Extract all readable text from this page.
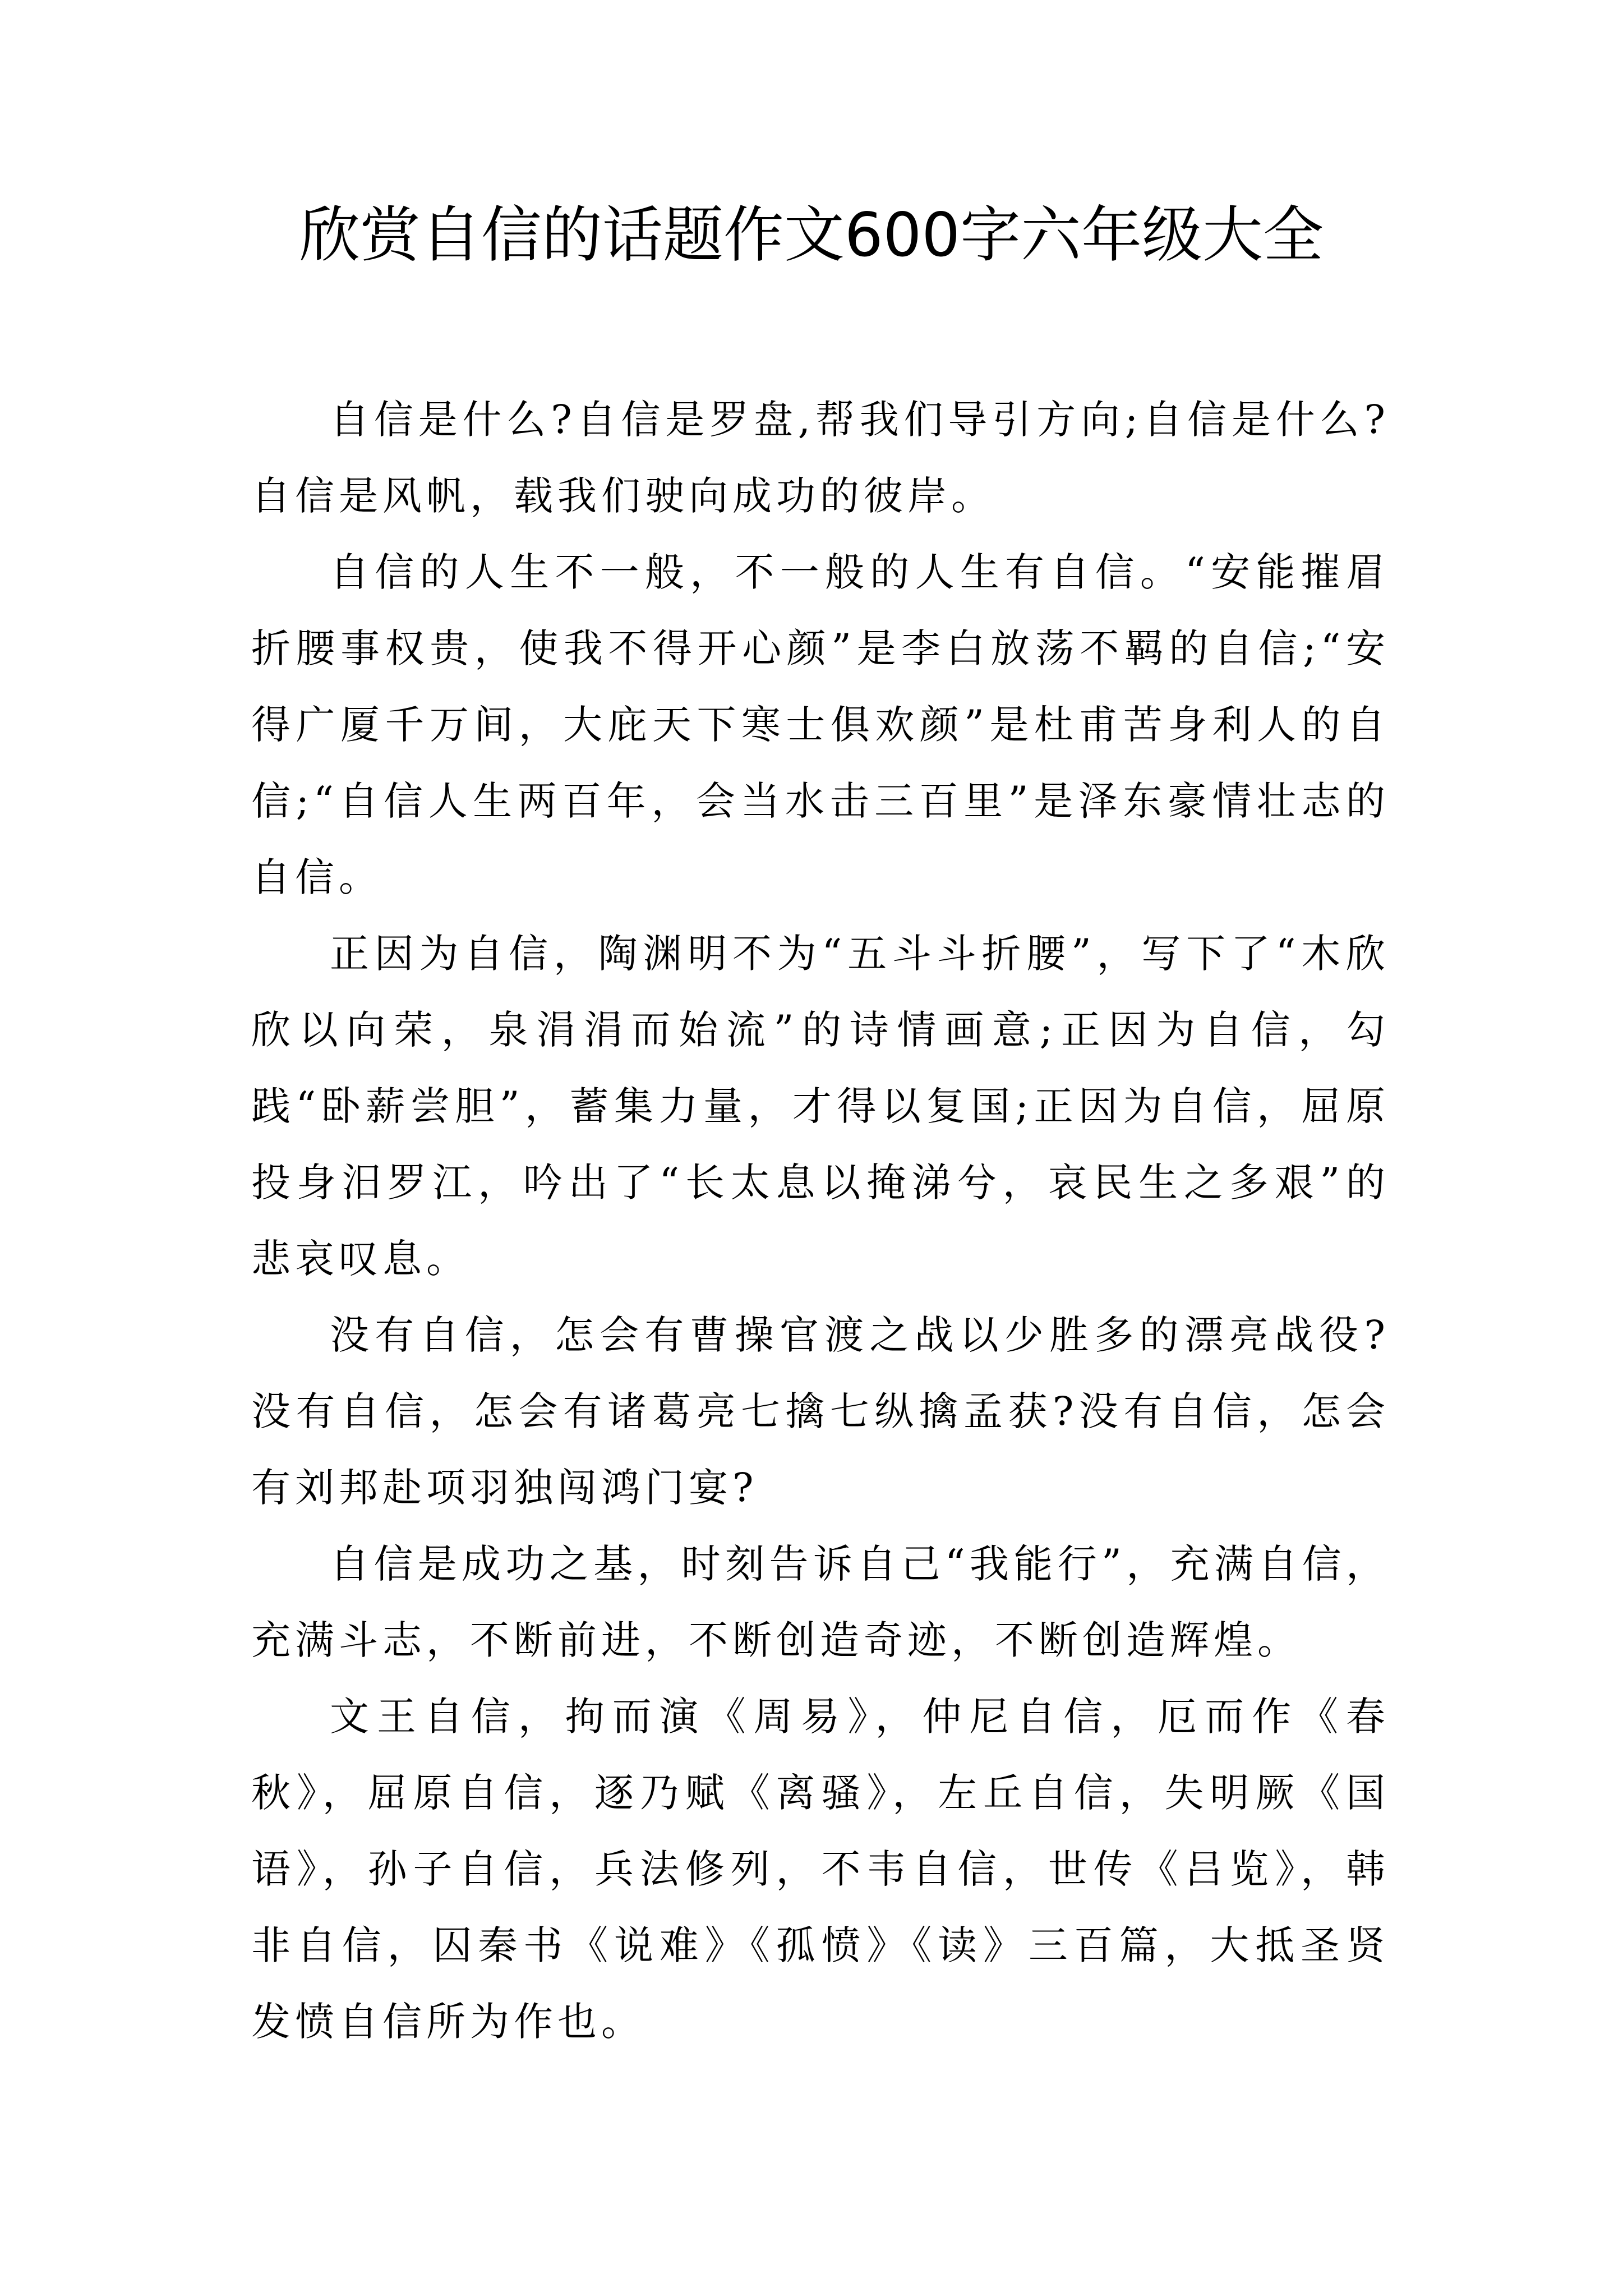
欣赏自信的话题作文600字六年级大全

自信是什么?自信是罗盘,帮我们导引方向;自信是什么?自信是风帆，载我们驶向成功的彼岸。

自信的人生不一般，不一般的人生有自信。“安能摧眉折腰事权贵，使我不得开心颜”是李白放荡不羁的自信;“安得广厦千万间，大庇天下寒士俱欢颜”是杜甫苦身利人的自信;“自信人生两百年，会当水击三百里”是泽东豪情壮志的自信。

正因为自信，陶渊明不为“五斗斗折腰”，写下了“木欣欣以向荣，泉涓涓而始流”的诗情画意;正因为自信，勾践“卧薪尝胆”，蓄集力量，才得以复国;正因为自信，屈原投身汨罗江，吟出了“长太息以掩涕兮，哀民生之多艰”的悲哀叹息。

没有自信，怎会有曹操官渡之战以少胜多的漂亮战役?没有自信，怎会有诸葛亮七擒七纵擒孟获?没有自信，怎会有刘邦赴项羽独闯鸿门宴?

自信是成功之基，时刻告诉自己“我能行”，充满自信，充满斗志，不断前进，不断创造奇迹，不断创造辉煌。

文王自信，拘而演《周易》，仲尼自信，厄而作《春秋》，屈原自信，逐乃赋《离骚》，左丘自信，失明厥《国语》，孙子自信，兵法修列，不韦自信，世传《吕览》，韩非自信，囚秦书《说难》《孤愤》《读》三百篇，大抵圣贤发愤自信所为作也。
